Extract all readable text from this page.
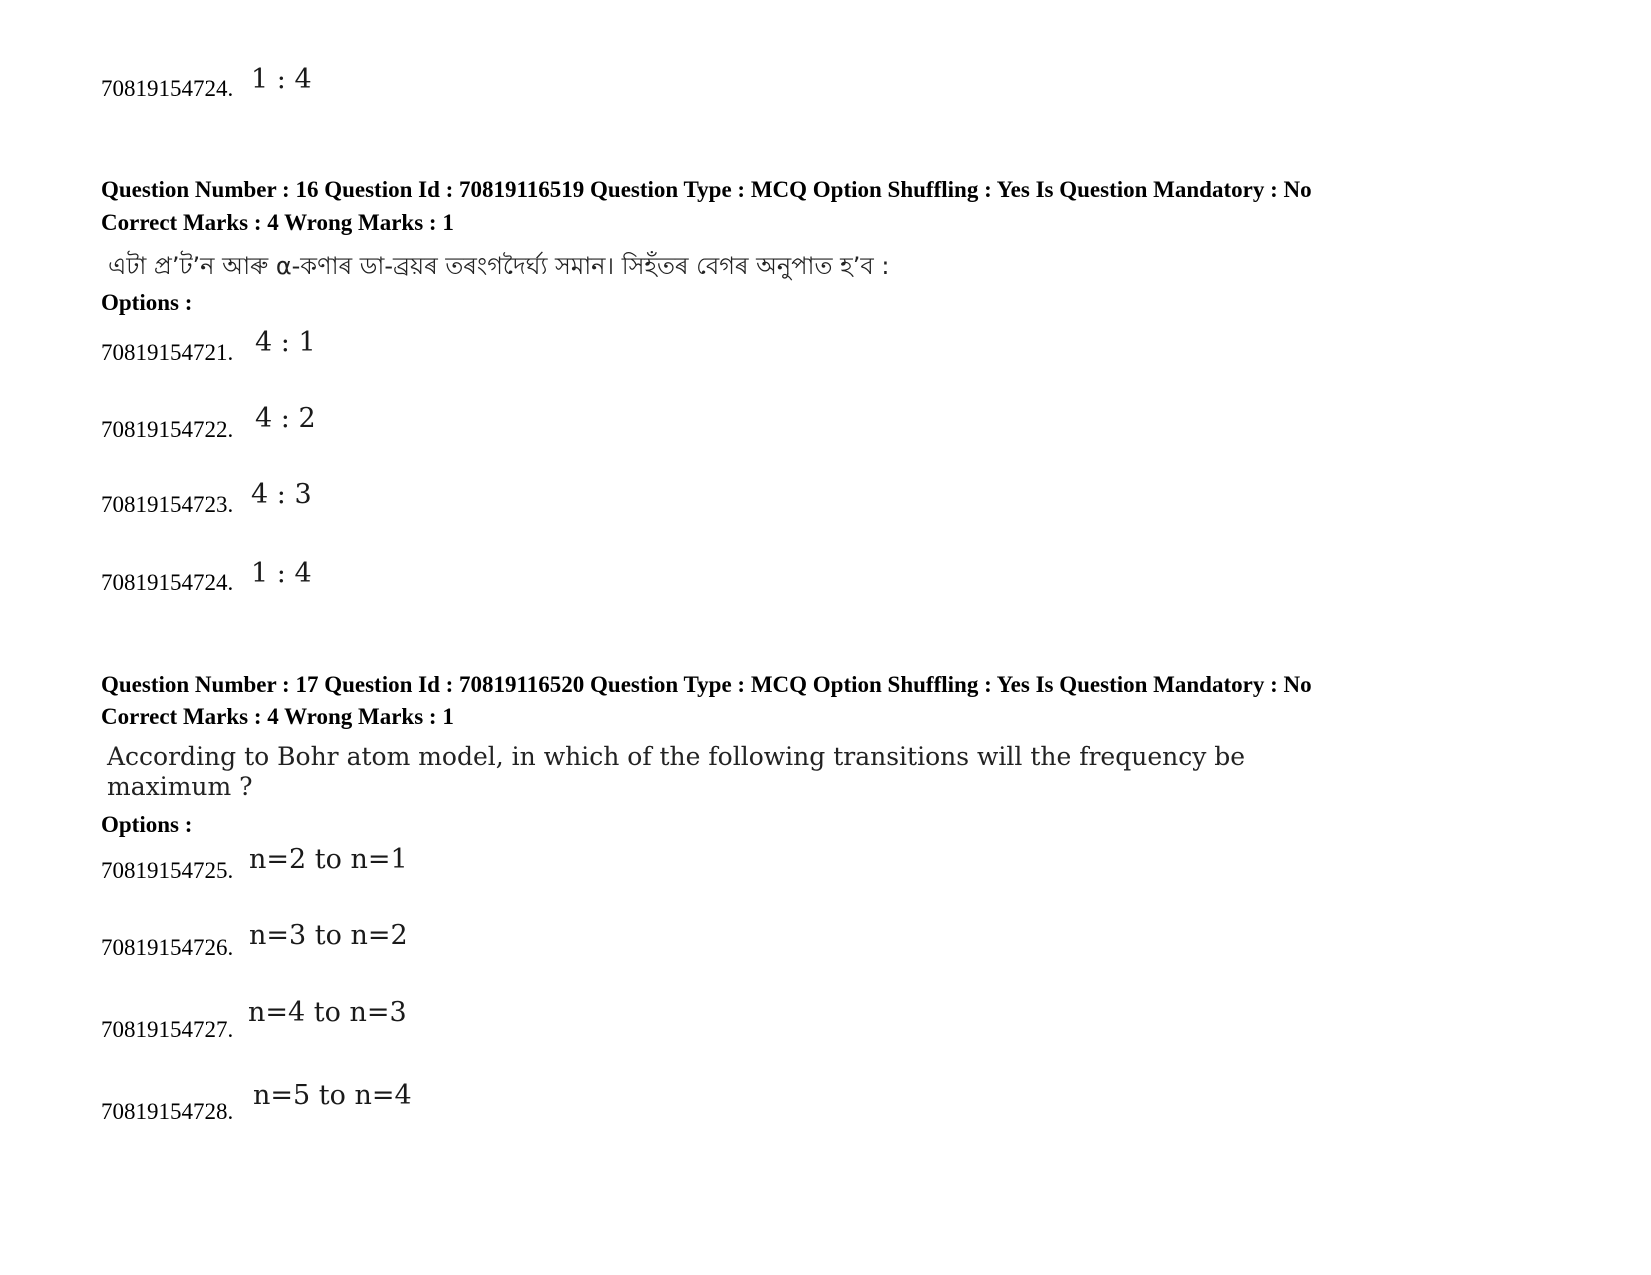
70819154724. 1 : 4
Question Number : 16 Question Id : 70819116519 Question Type : MCQ Option Shuffling : Yes Is Question Mandatory : No
Correct Marks : 4 Wrong Marks : 1
এটা প্ৰ’ট’ন আৰু α-কণাৰ ডা-ব্ৰয়ৰ তৰংগদৈৰ্ঘ্য সমান। সিহঁতৰ বেগৰ অনুপাত হ’ব :
Options :
70819154721. 4 : 1
70819154722. 4 : 2
70819154723. 4 : 3
70819154724. 1 : 4
Question Number : 17 Question Id : 70819116520 Question Type : MCQ Option Shuffling : Yes Is Question Mandatory : No
Correct Marks : 4 Wrong Marks : 1
According to Bohr atom model, in which of the following transitions will the frequency be
maximum ?
Options :
70819154725. n=2 to n=1
70819154726. n=3 to n=2
70819154727.
n=4 to n=3
70819154728.
n=5 to n=4
